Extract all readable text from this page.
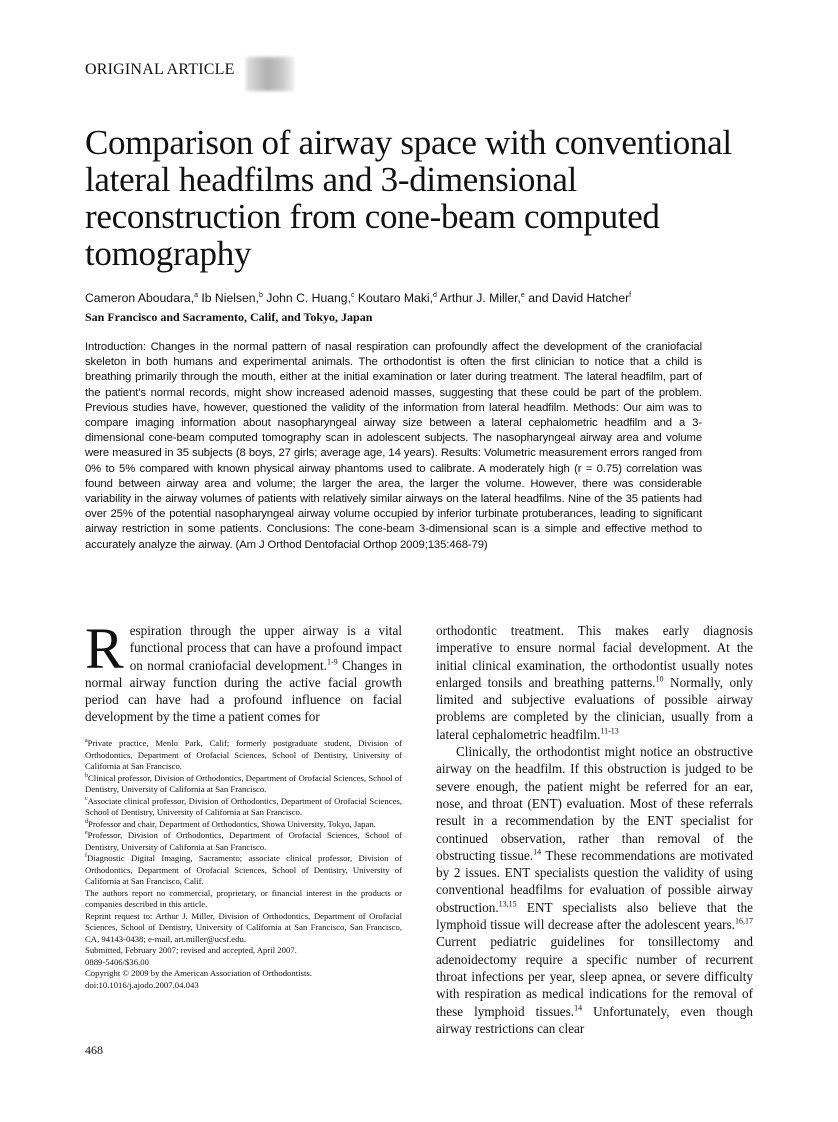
ORIGINAL ARTICLE
Comparison of airway space with conventional lateral headfilms and 3-dimensional reconstruction from cone-beam computed tomography
Cameron Aboudara,$^a$ Ib Nielsen,$^b$ John C. Huang,$^c$ Koutaro Maki,$^d$ Arthur J. Miller,$^e$ and David Hatcher$^f$
San Francisco and Sacramento, Calif, and Tokyo, Japan

Introduction: Changes in the normal pattern of nasal respiration can profoundly affect the development of the craniofacial skeleton in both humans and experimental animals. The orthodontist is often the first clinician to notice that a child is breathing primarily through the mouth, either at the initial examination or later during treatment. The lateral headfilm, part of the patient's normal records, might show increased adenoid masses, suggesting that these could be part of the problem. Previous studies have, however, questioned the validity of the information from lateral headfilm. Methods: Our aim was to compare imaging information about nasopharyngeal airway size between a lateral cephalometric headfilm and a 3-dimensional cone-beam computed tomography scan in adolescent subjects. The nasopharyngeal airway area and volume were measured in 35 subjects (8 boys, 27 girls; average age, 14 years). Results: Volumetric measurement errors ranged from 0% to 5% compared with known physical airway phantoms used to calibrate. A moderately high (r = 0.75) correlation was found between airway area and volume; the larger the area, the larger the volume. However, there was considerable variability in the airway volumes of patients with relatively similar airways on the lateral headfilms. Nine of the 35 patients had over 25% of the potential nasopharyngeal airway volume occupied by inferior turbinate protuberances, leading to significant airway restriction in some patients. Conclusions: The cone-beam 3-dimensional scan is a simple and effective method to accurately analyze the airway. (Am J Orthod Dentofacial Orthop 2009;135:468-79)

R espiration through the upper airway is a vital functional process that can have a profound impact on normal craniofacial development.$^{1-9}$ Changes in normal airway function during the active facial growth period can have had a profound influence on facial development by the time a patient comes for

$^a$Private practice, Menlo Park, Calif; formerly postgraduate student, Division of Orthodontics, Department of Orofacial Sciences, School of Dentistry, University of California at San Francisco.
$^b$Clinical professor, Division of Orthodontics, Department of Orofacial Sciences, School of Dentistry, University of California at San Francisco.
$^c$Associate clinical professor, Division of Orthodontics, Department of Orofacial Sciences, School of Dentistry, University of California at San Francisco.
$^d$Professor and chair, Department of Orthodontics, Showa University, Tokyo, Japan.
$^e$Professor, Division of Orthodontics, Department of Orofacial Sciences, School of Dentistry, University of California at San Francisco.
$^f$Diagnostic Digital Imaging, Sacramento; associate clinical professor, Division of Orthodontics, Department of Orofacial Sciences, School of Dentistry, University of California at San Francisco, Calif.
The authors report no commercial, proprietary, or financial interest in the products or companies described in this article.
Reprint request to: Arthur J. Miller, Division of Orthodontics, Department of Orofacial Sciences, School of Dentistry, University of California at San Francisco, San Francisco, CA, 94143-0438; e-mail, art.miller@ucsf.edu.
Submitted, February 2007; revised and accepted, April 2007.
0889-5406/$36.00
Copyright © 2009 by the American Association of Orthodontists.
doi:10.1016/j.ajodo.2007.04.043

orthodontic treatment. This makes early diagnosis imperative to ensure normal facial development. At the initial clinical examination, the orthodontist usually notes enlarged tonsils and breathing patterns.$^{10}$ Normally, only limited and subjective evaluations of possible airway problems are completed by the clinician, usually from a lateral cephalometric headfilm.$^{11-13}$

Clinically, the orthodontist might notice an obstructive airway on the headfilm. If this obstruction is judged to be severe enough, the patient might be referred for an ear, nose, and throat (ENT) evaluation. Most of these referrals result in a recommendation by the ENT specialist for continued observation, rather than removal of the obstructing tissue.$^{14}$ These recommendations are motivated by 2 issues. ENT specialists question the validity of using conventional headfilms for evaluation of possible airway obstruction.$^{13,15}$ ENT specialists also believe that the lymphoid tissue will decrease after the adolescent years.$^{16,17}$ Current pediatric guidelines for tonsillectomy and adenoidectomy require a specific number of recurrent throat infections per year, sleep apnea, or severe difficulty with respiration as medical indications for the removal of these lymphoid tissues.$^{14}$ Unfortunately, even though airway restrictions can clear

468
